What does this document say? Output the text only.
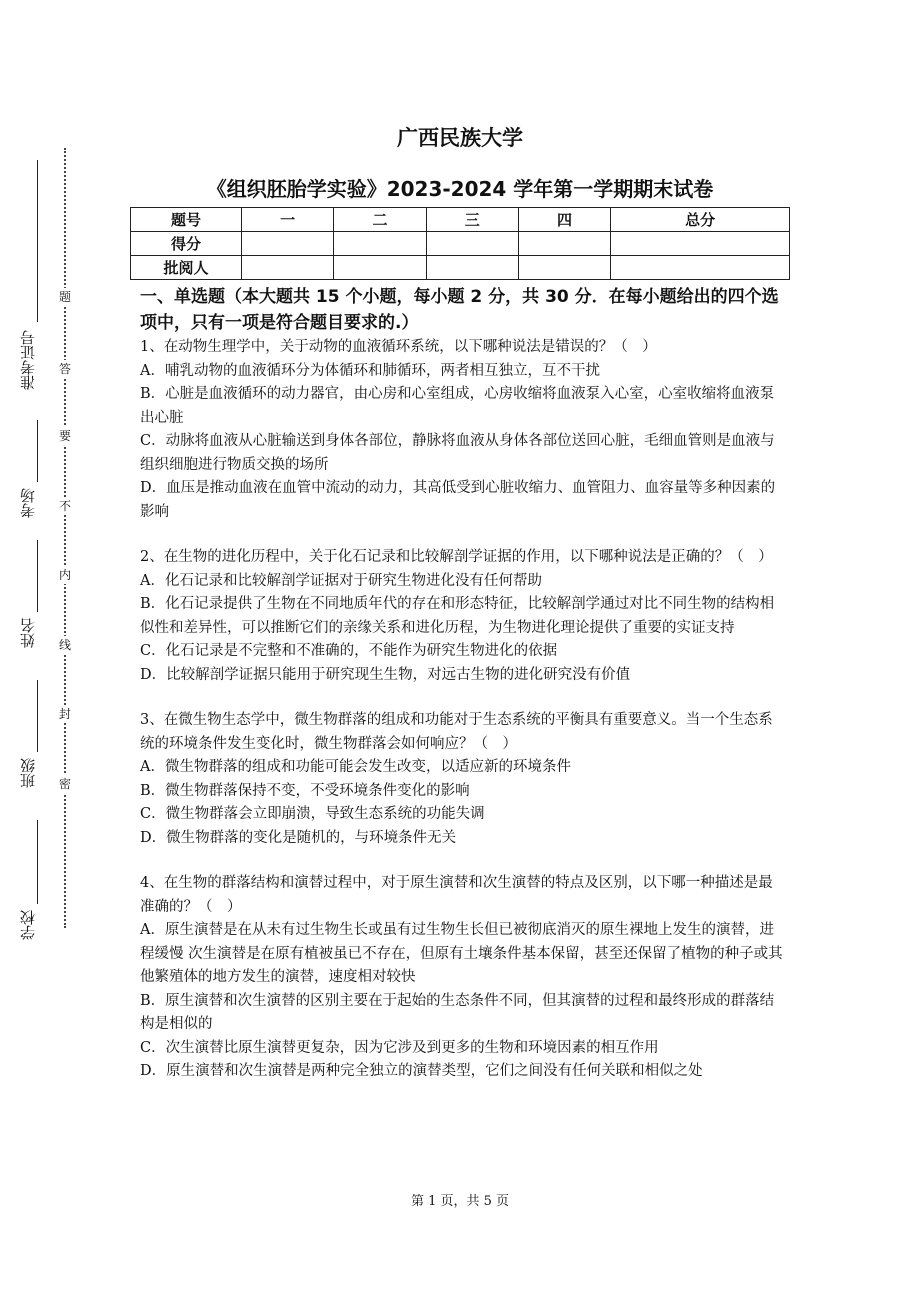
准考证号
考场
姓名
班级
学校
题
答
要
不
内
线
封
密
广西民族大学
《组织胚胎学实验》2023-2024 学年第一学期期末试卷
题号	一	二	三	四	总分
得分					
批阅人					
一、单选题（本大题共 15 个小题，每小题 2 分，共 30 分．在每小题给出的四个选项中，只有一项是符合题目要求的.）
1、在动物生理学中，关于动物的血液循环系统，以下哪种说法是错误的？（　）
A．哺乳动物的血液循环分为体循环和肺循环，两者相互独立，互不干扰
B．心脏是血液循环的动力器官，由心房和心室组成，心房收缩将血液泵入心室，心室收缩将血液泵出心脏
C．动脉将血液从心脏输送到身体各部位，静脉将血液从身体各部位送回心脏，毛细血管则是血液与组织细胞进行物质交换的场所
D．血压是推动血液在血管中流动的动力，其高低受到心脏收缩力、血管阻力、血容量等多种因素的影响
2、在生物的进化历程中，关于化石记录和比较解剖学证据的作用，以下哪种说法是正确的？（　）
A．化石记录和比较解剖学证据对于研究生物进化没有任何帮助
B．化石记录提供了生物在不同地质年代的存在和形态特征，比较解剖学通过对比不同生物的结构相似性和差异性，可以推断它们的亲缘关系和进化历程，为生物进化理论提供了重要的实证支持
C．化石记录是不完整和不准确的，不能作为研究生物进化的依据
D．比较解剖学证据只能用于研究现生生物，对远古生物的进化研究没有价值
3、在微生物生态学中，微生物群落的组成和功能对于生态系统的平衡具有重要意义。当一个生态系统的环境条件发生变化时，微生物群落会如何响应？（　）
A．微生物群落的组成和功能可能会发生改变，以适应新的环境条件
B．微生物群落保持不变，不受环境条件变化的影响
C．微生物群落会立即崩溃，导致生态系统的功能失调
D．微生物群落的变化是随机的，与环境条件无关
4、在生物的群落结构和演替过程中，对于原生演替和次生演替的特点及区别，以下哪一种描述是最准确的？（　）
A．原生演替是在从未有过生物生长或虽有过生物生长但已被彻底消灭的原生裸地上发生的演替，进程缓慢 次生演替是在原有植被虽已不存在，但原有土壤条件基本保留，甚至还保留了植物的种子或其他繁殖体的地方发生的演替，速度相对较快
B．原生演替和次生演替的区别主要在于起始的生态条件不同，但其演替的过程和最终形成的群落结构是相似的
C．次生演替比原生演替更复杂，因为它涉及到更多的生物和环境因素的相互作用
D．原生演替和次生演替是两种完全独立的演替类型，它们之间没有任何关联和相似之处
第 1 页，共 5 页
